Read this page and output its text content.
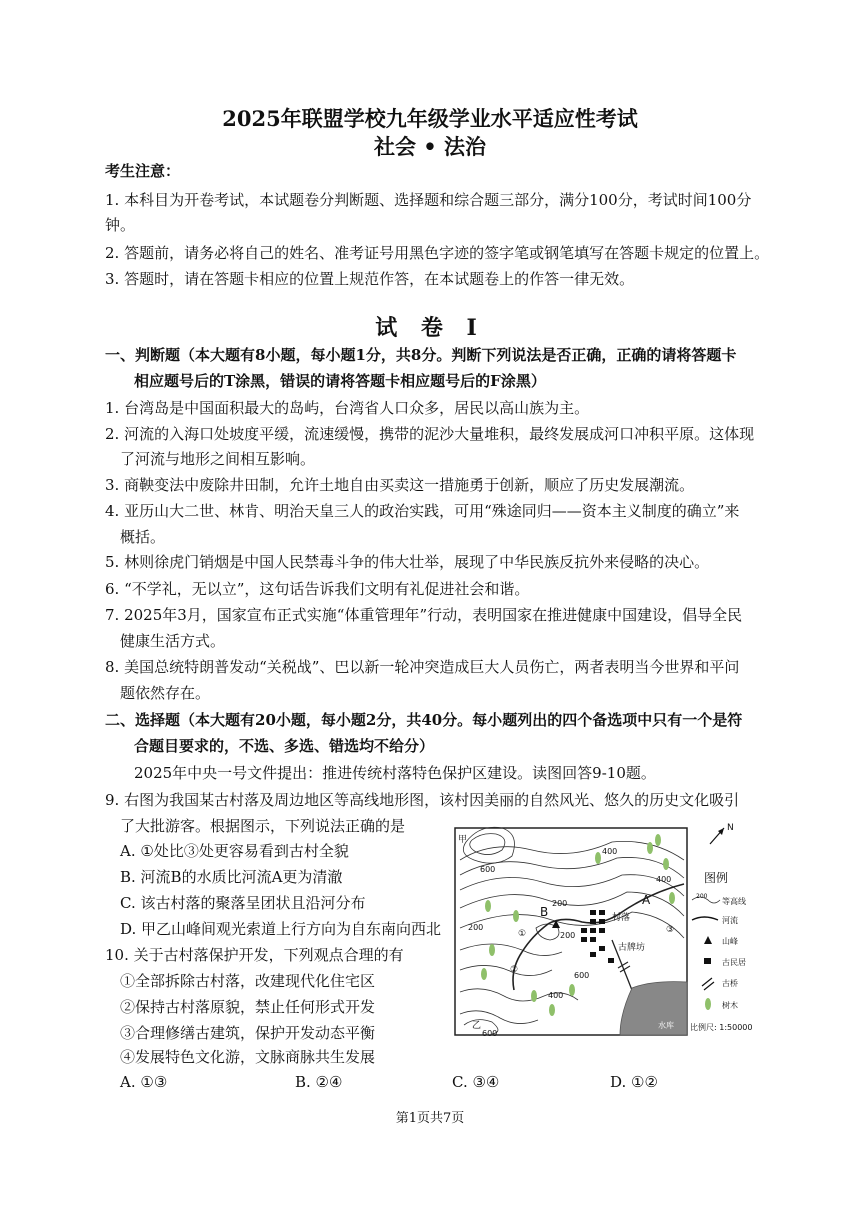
2025年联盟学校九年级学业水平适应性考试
社会 • 法治
考生注意：
1. 本科目为开卷考试，本试题卷分判断题、选择题和综合题三部分，满分100分，考试时间100分
钟。
2. 答题前，请务必将自己的姓名、准考证号用黑色字迹的签字笔或钢笔填写在答题卡规定的位置上。
3. 答题时，请在答题卡相应的位置上规范作答，在本试题卷上的作答一律无效。
试 卷 I
一、判断题（本大题有8小题，每小题1分，共8分。判断下列说法是否正确，正确的请将答题卡
相应题号后的T涂黑，错误的请将答题卡相应题号后的F涂黑）
1. 台湾岛是中国面积最大的岛屿，台湾省人口众多，居民以高山族为主。
2. 河流的入海口处坡度平缓，流速缓慢，携带的泥沙大量堆积，最终发展成河口冲积平原。这体现
了河流与地形之间相互影响。
3. 商鞅变法中废除井田制，允许土地自由买卖这一措施勇于创新，顺应了历史发展潮流。
4. 亚历山大二世、林肯、明治天皇三人的政治实践，可用“殊途同归——资本主义制度的确立”来
概括。
5. 林则徐虎门销烟是中国人民禁毒斗争的伟大壮举，展现了中华民族反抗外来侵略的决心。
6. “不学礼，无以立”，这句话告诉我们文明有礼促进社会和谐。
7. 2025年3月，国家宣布正式实施“体重管理年”行动，表明国家在推进健康中国建设，倡导全民
健康生活方式。
8. 美国总统特朗普发动“关税战”、巴以新一轮冲突造成巨大人员伤亡，两者表明当今世界和平问
题依然存在。
二、选择题（本大题有20小题，每小题2分，共40分。每小题列出的四个备选项中只有一个是符
合题目要求的，不选、多选、错选均不给分）
2025年中央一号文件提出：推进传统村落特色保护区建设。读图回答9-10题。
9. 右图为我国某古村落及周边地区等高线地形图，该村因美丽的自然风光、悠久的历史文化吸引
了大批游客。根据图示，下列说法正确的是
A. ①处比③处更容易看到古村全貌
B. 河流B的水质比河流A更为清澈
C. 该古村落的聚落呈团状且沿河分布
D. 甲乙山峰间观光索道上行方向为自东南向西北
10. 关于古村落保护开发，下列观点合理的有
①全部拆除古村落，改建现代化住宅区
②保持古村落原貌，禁止任何形式开发
③合理修缮古建筑，保护开发动态平衡
④发展特色文化游，文脉商脉共生发展
A. ①③	B. ②④	C. ③④	D. ①②
甲
乙
A
B	村落
古牌坊
水库
①
②
③
400
600
200
200
400
600
400
600
200
N
图例
200
等高线
河流
山峰
古民居
古桥
树木
比例尺: 1:50000
第1页共7页
